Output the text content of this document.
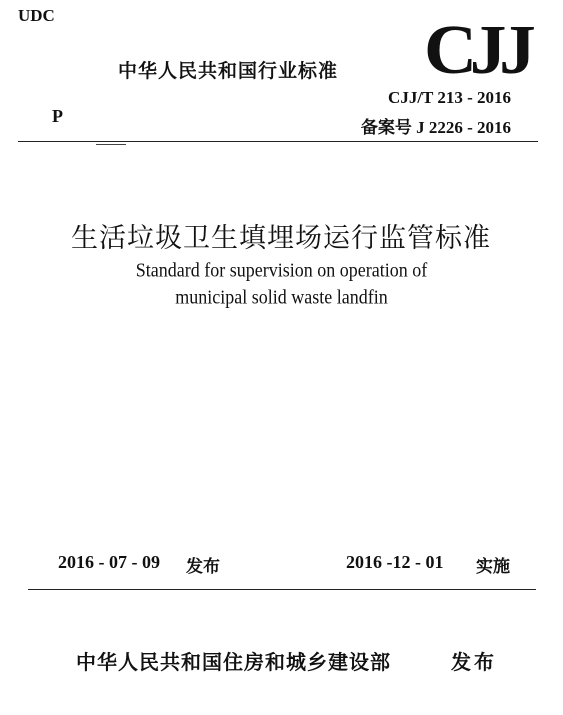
UDC
中华人民共和国行业标准 CJJ
CJJ/T 213 - 2016
备案号 J 2226 - 2016
P
生活垃圾卫生填埋场运行监管标准
Standard for supervision on operation of
municipal solid waste landfin
2016 - 07 - 09 发布	2016 -12 - 01 实施
中华人民共和国住房和城乡建设部	发布
